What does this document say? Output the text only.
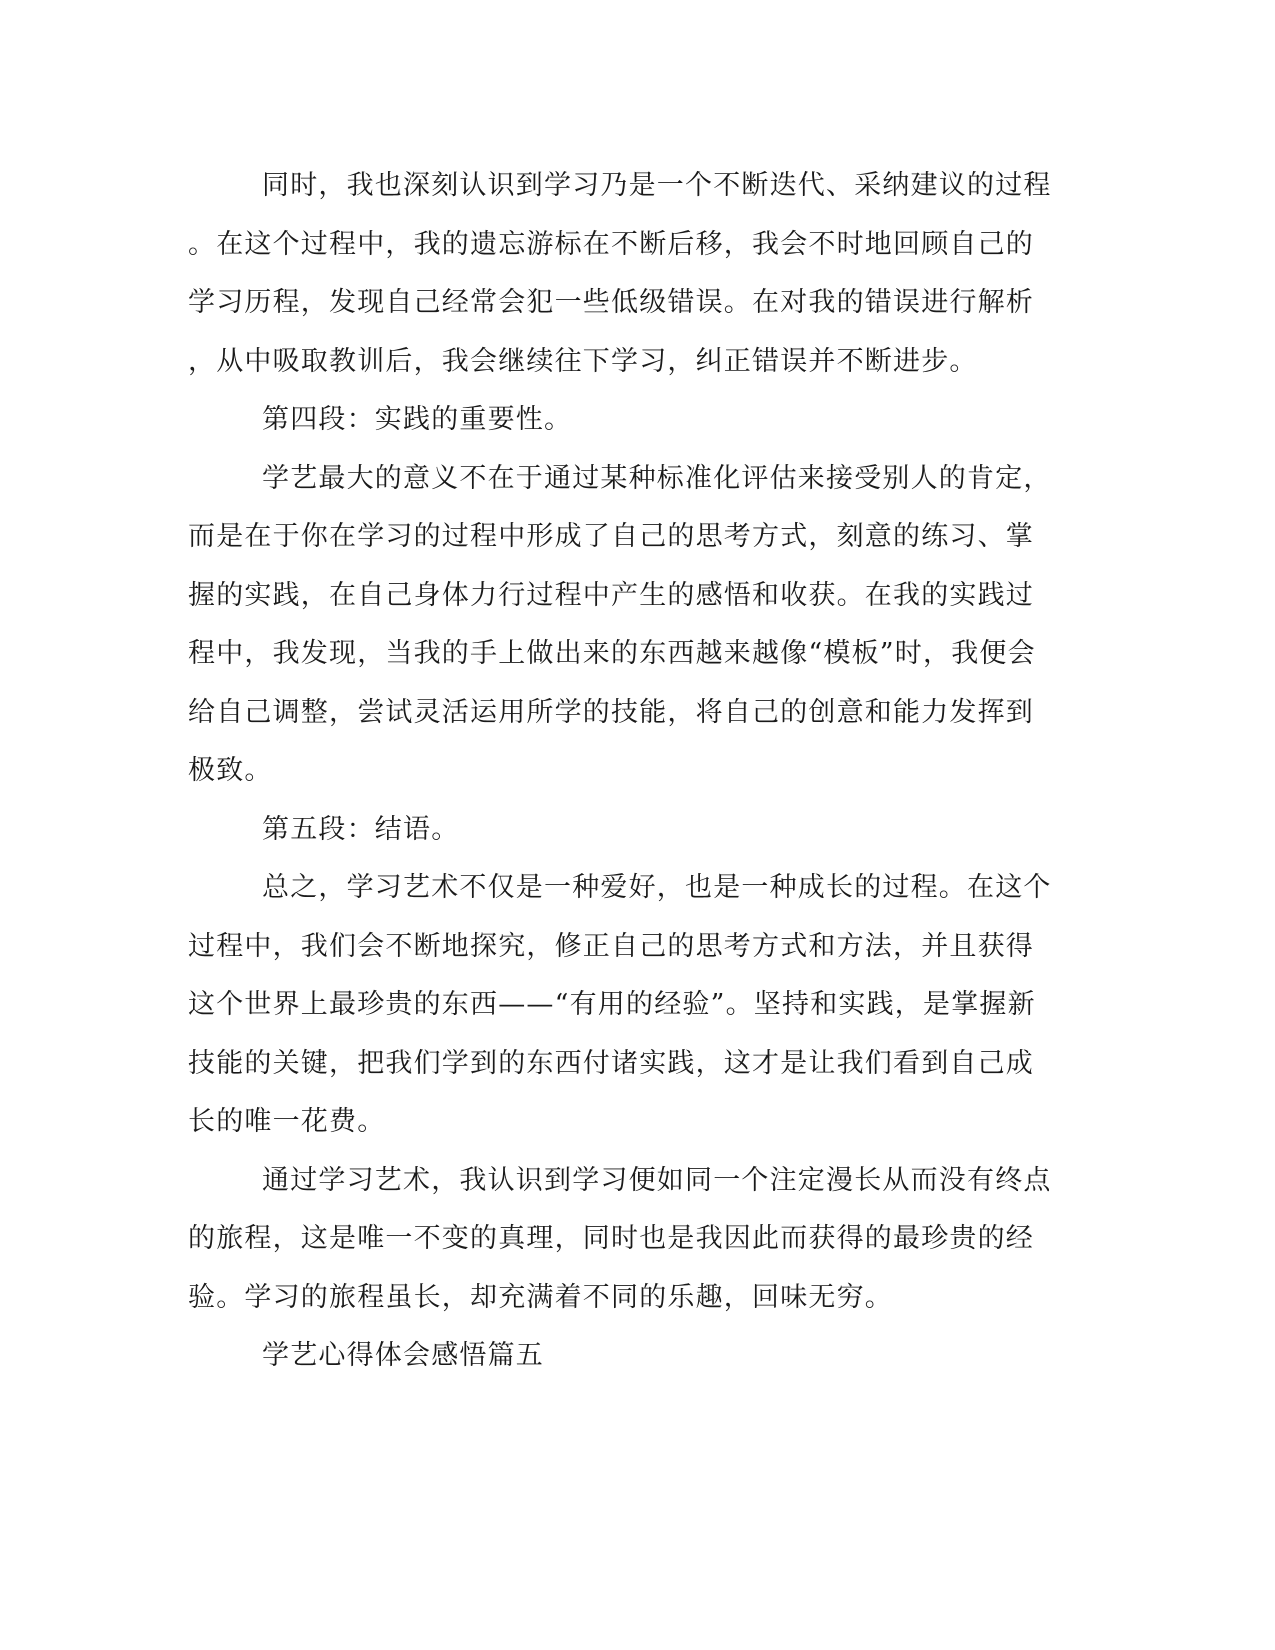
同时，我也深刻认识到学习乃是一个不断迭代、采纳建议的过程
。在这个过程中，我的遗忘游标在不断后移，我会不时地回顾自己的
学习历程，发现自己经常会犯一些低级错误。在对我的错误进行解析
，从中吸取教训后，我会继续往下学习，纠正错误并不断进步。
第四段：实践的重要性。
学艺最大的意义不在于通过某种标准化评估来接受别人的肯定，
而是在于你在学习的过程中形成了自己的思考方式，刻意的练习、掌
握的实践，在自己身体力行过程中产生的感悟和收获。在我的实践过
程中，我发现，当我的手上做出来的东西越来越像“模板”时，我便会
给自己调整，尝试灵活运用所学的技能，将自己的创意和能力发挥到
极致。
第五段：结语。
总之，学习艺术不仅是一种爱好，也是一种成长的过程。在这个
过程中，我们会不断地探究，修正自己的思考方式和方法，并且获得
这个世界上最珍贵的东西——“有用的经验”。坚持和实践，是掌握新
技能的关键，把我们学到的东西付诸实践，这才是让我们看到自己成
长的唯一花费。
通过学习艺术，我认识到学习便如同一个注定漫长从而没有终点
的旅程，这是唯一不变的真理，同时也是我因此而获得的最珍贵的经
验。学习的旅程虽长，却充满着不同的乐趣，回味无穷。
学艺心得体会感悟篇五
